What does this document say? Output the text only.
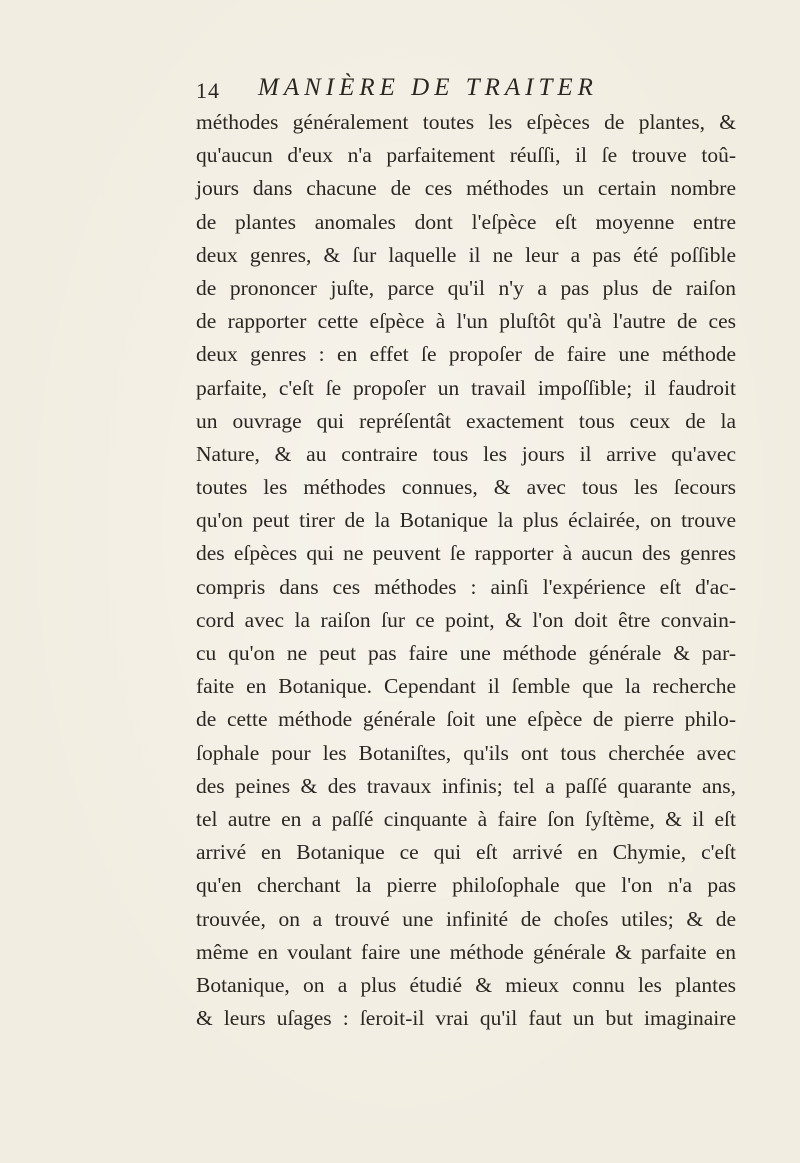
14 MANIÈRE DE TRAITER
méthodes généralement toutes les eſpèces de plantes, &
qu'aucun d'eux n'a parfaitement réuſſi, il ſe trouve toû-
jours dans chacune de ces méthodes un certain nombre
de plantes anomales dont l'eſpèce eſt moyenne entre
deux genres, & ſur laquelle il ne leur a pas été poſſible
de prononcer juſte, parce qu'il n'y a pas plus de raiſon
de rapporter cette eſpèce à l'un pluſtôt qu'à l'autre de ces
deux genres : en effet ſe propoſer de faire une méthode
parfaite, c'eſt ſe propoſer un travail impoſſible; il faudroit
un ouvrage qui repréſentât exactement tous ceux de la
Nature, & au contraire tous les jours il arrive qu'avec
toutes les méthodes connues, & avec tous les ſecours
qu'on peut tirer de la Botanique la plus éclairée, on trouve
des eſpèces qui ne peuvent ſe rapporter à aucun des genres
compris dans ces méthodes : ainſi l'expérience eſt d'ac-
cord avec la raiſon ſur ce point, & l'on doit être convain-
cu qu'on ne peut pas faire une méthode générale & par-
faite en Botanique. Cependant il ſemble que la recherche
de cette méthode générale ſoit une eſpèce de pierre philo-
ſophale pour les Botaniſtes, qu'ils ont tous cherchée avec
des peines & des travaux infinis; tel a paſſé quarante ans,
tel autre en a paſſé cinquante à faire ſon ſyſtème, & il eſt
arrivé en Botanique ce qui eſt arrivé en Chymie, c'eſt
qu'en cherchant la pierre philoſophale que l'on n'a pas
trouvée, on a trouvé une infinité de choſes utiles; & de
même en voulant faire une méthode générale & parfaite en
Botanique, on a plus étudié & mieux connu les plantes
& leurs uſages : ſeroit-il vrai qu'il faut un but imaginaire
